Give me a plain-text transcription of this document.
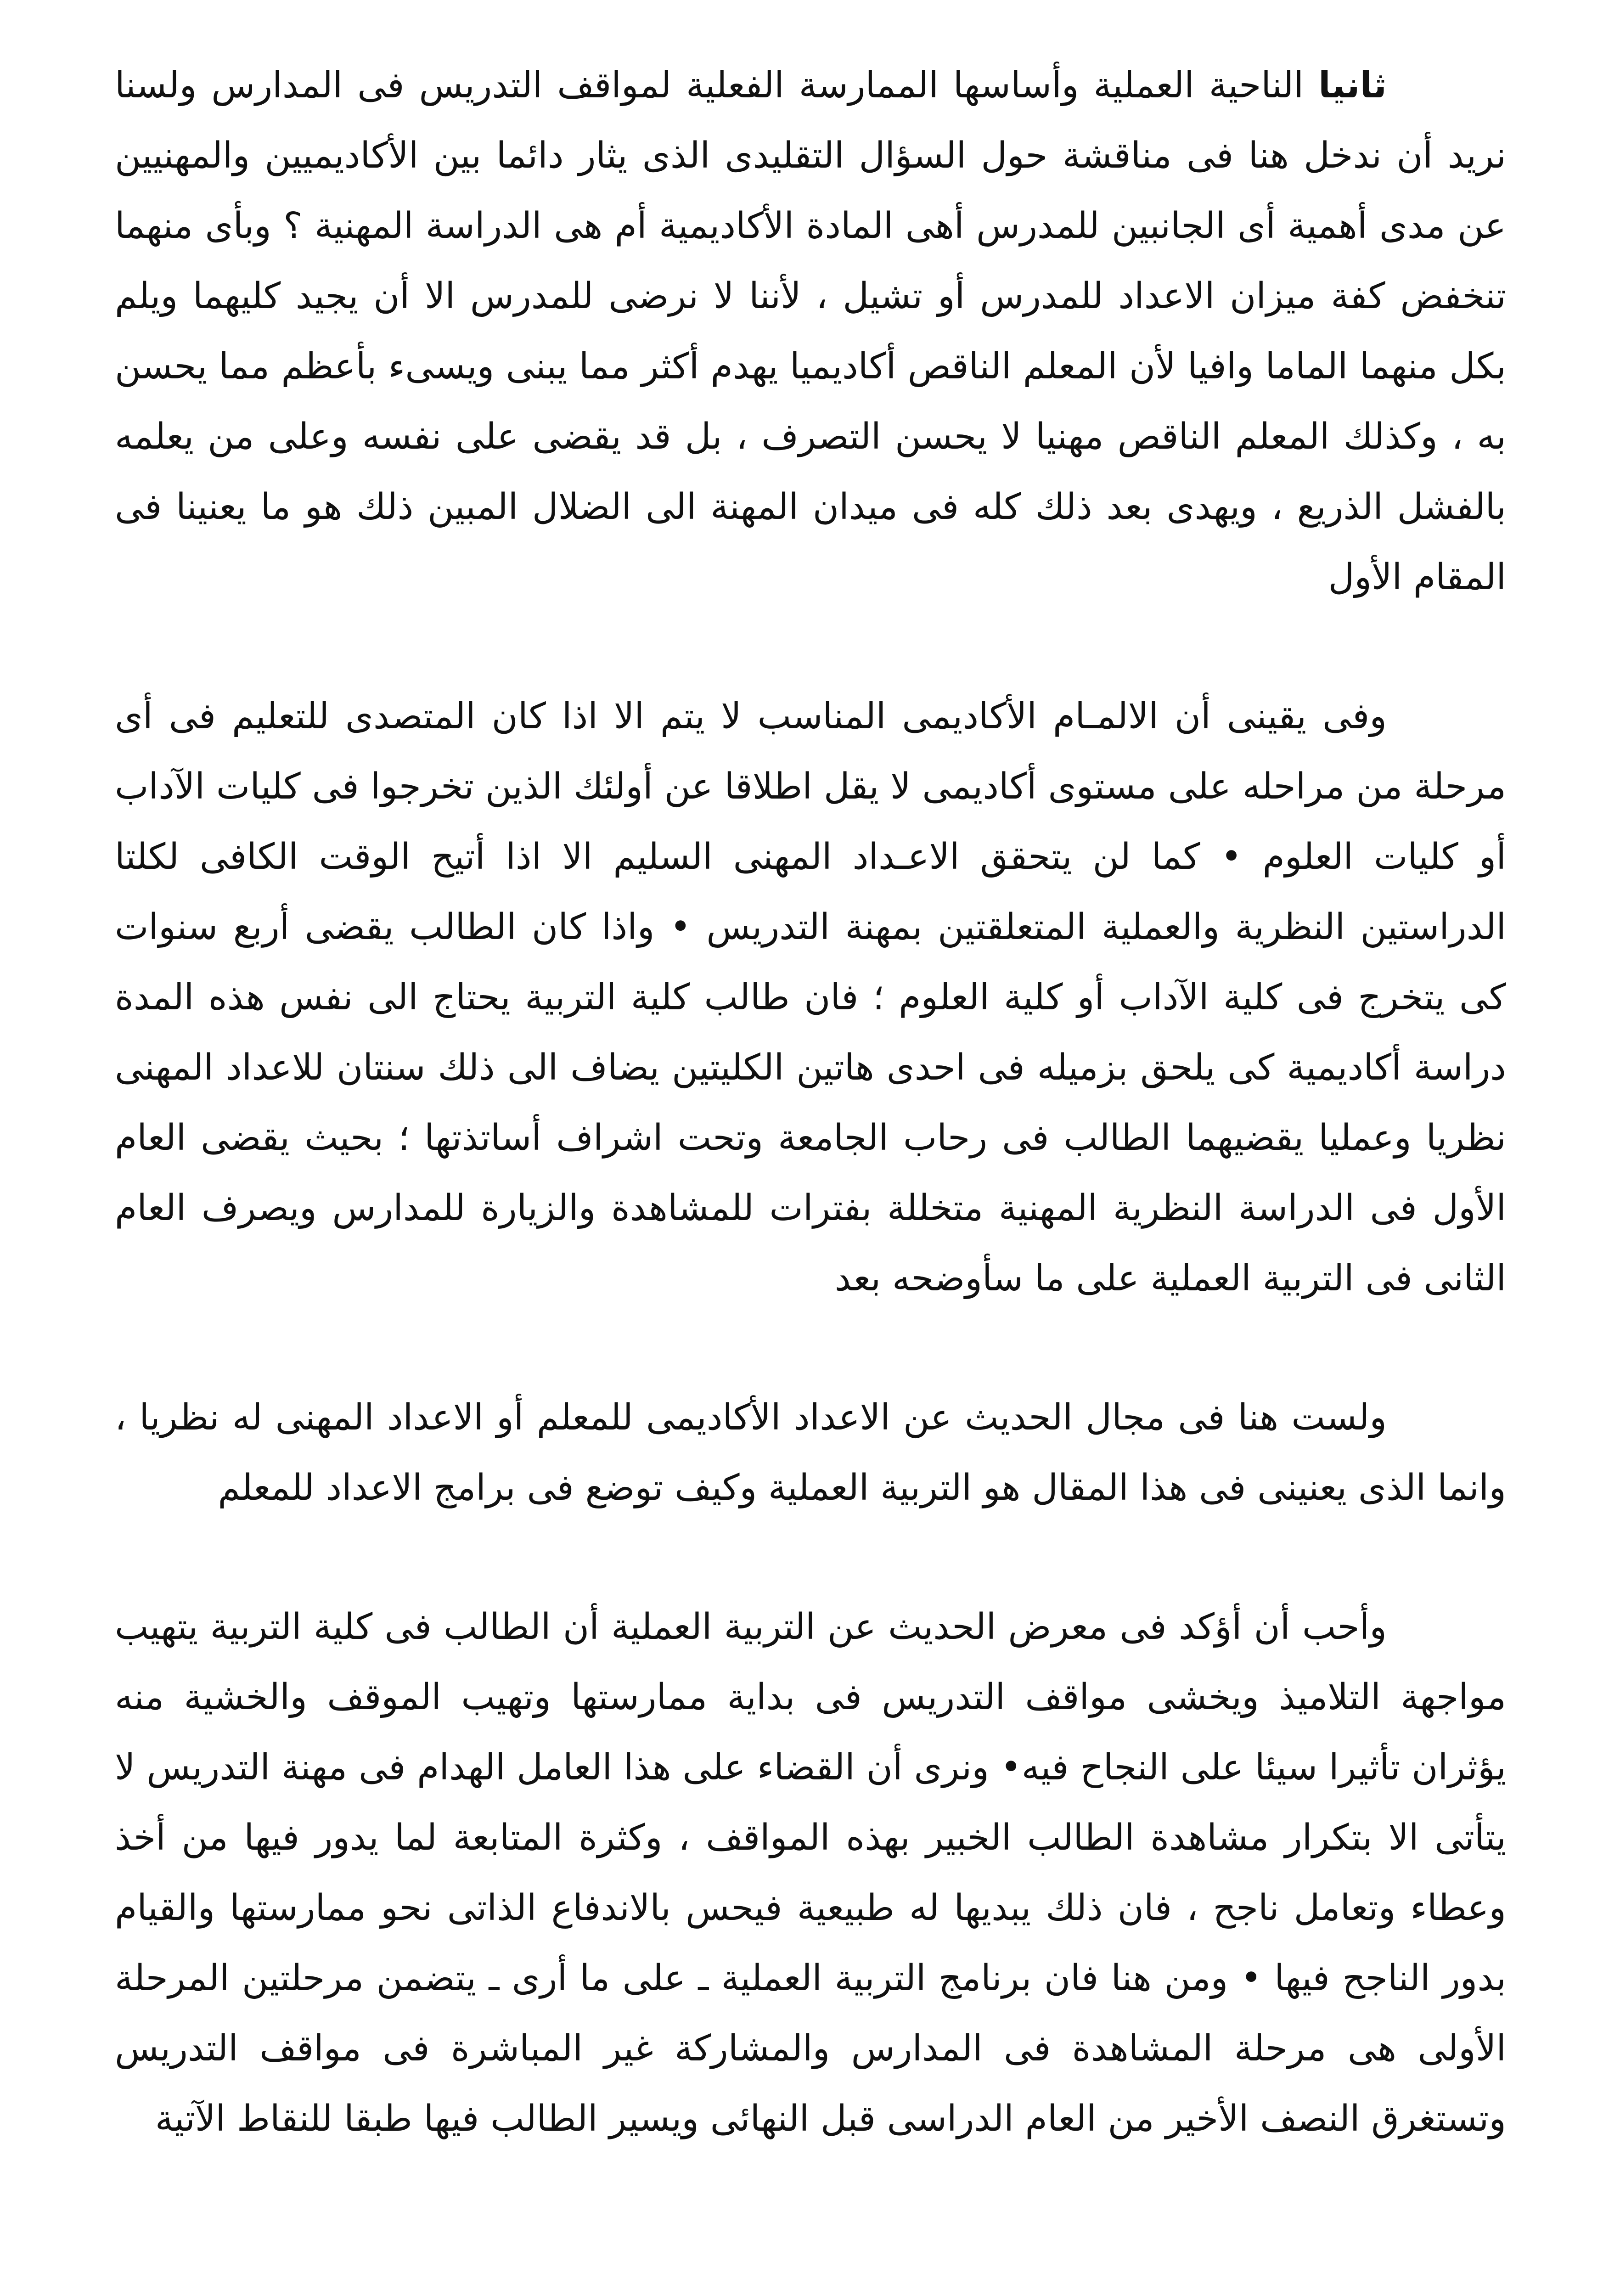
ثانيا الناحية العملية وأساسها الممارسة الفعلية لمواقف التدريس فى المدارس ولسنا نريد أن ندخل هنا فى مناقشة حول السؤال التقليدى الذى يثار دائما بين الأكاديميين والمهنيين عن مدى أهمية أى الجانبين للمدرس أهى المادة الأكاديمية أم هى الدراسة المهنية ؟ وبأى منهما تنخفض كفة ميزان الاعداد للمدرس أو تشيل ، لأننا لا نرضى للمدرس الا أن يجيد كليهما ويلم بكل منهما الماما وافيا لأن المعلم الناقص أكاديميا يهدم أكثر مما يبنى ويسىء بأعظم مما يحسن به ، وكذلك المعلم الناقص مهنيا لا يحسن التصرف ، بل قد يقضى على نفسه وعلى من يعلمه بالفشل الذريع ، ويهدى بعد ذلك كله فى ميدان المهنة الى الضلال المبين ذلك هو ما يعنينا فى المقام الأول

وفى يقينى أن الالمـام الأكاديمى المناسب لا يتم الا اذا كان المتصدى للتعليم فى أى مرحلة من مراحله على مستوى أكاديمى لا يقل اطلاقا عن أولئك الذين تخرجوا فى كليات الآداب أو كليات العلوم • كما لن يتحقق الاعـداد المهنى السليم الا اذا أتيح الوقت الكافى لكلتا الدراستين النظرية والعملية المتعلقتين بمهنة التدريس • واذا كان الطالب يقضى أربع سنوات كى يتخرج فى كلية الآداب أو كلية العلوم ؛ فان طالب كلية التربية يحتاج الى نفس هذه المدة دراسة أكاديمية كى يلحق بزميله فى احدى هاتين الكليتين يضاف الى ذلك سنتان للاعداد المهنى نظريا وعمليا يقضيهما الطالب فى رحاب الجامعة وتحت اشراف أساتذتها ؛ بحيث يقضى العام الأول فى الدراسة النظرية المهنية متخللة بفترات للمشاهدة والزيارة للمدارس ويصرف العام الثانى فى التربية العملية على ما سأوضحه بعد

ولست هنا فى مجال الحديث عن الاعداد الأكاديمى للمعلم أو الاعداد المهنى له نظريا ، وانما الذى يعنينى فى هذا المقال هو التربية العملية وكيف توضع فى برامج الاعداد للمعلم

وأحب أن أؤكد فى معرض الحديث عن التربية العملية أن الطالب فى كلية التربية يتهيب مواجهة التلاميذ ويخشى مواقف التدريس فى بداية ممارستها وتهيب الموقف والخشية منه يؤثران تأثيرا سيئا على النجاح فيه• ونرى أن القضاء على هذا العامل الهدام فى مهنة التدريس لا يتأتى الا بتكرار مشاهدة الطالب الخبير بهذه المواقف ، وكثرة المتابعة لما يدور فيها من أخذ وعطاء وتعامل ناجح ، فان ذلك يبديها له طبيعية فيحس بالاندفاع الذاتى نحو ممارستها والقيام بدور الناجح فيها • ومن هنا فان برنامج التربية العملية ـ على ما أرى ـ يتضمن مرحلتين المرحلة الأولى هى مرحلة المشاهدة فى المدارس والمشاركة غير المباشرة فى مواقف التدريس وتستغرق النصف الأخير من العام الدراسى قبل النهائى ويسير الطالب فيها طبقا للنقاط الآتية
